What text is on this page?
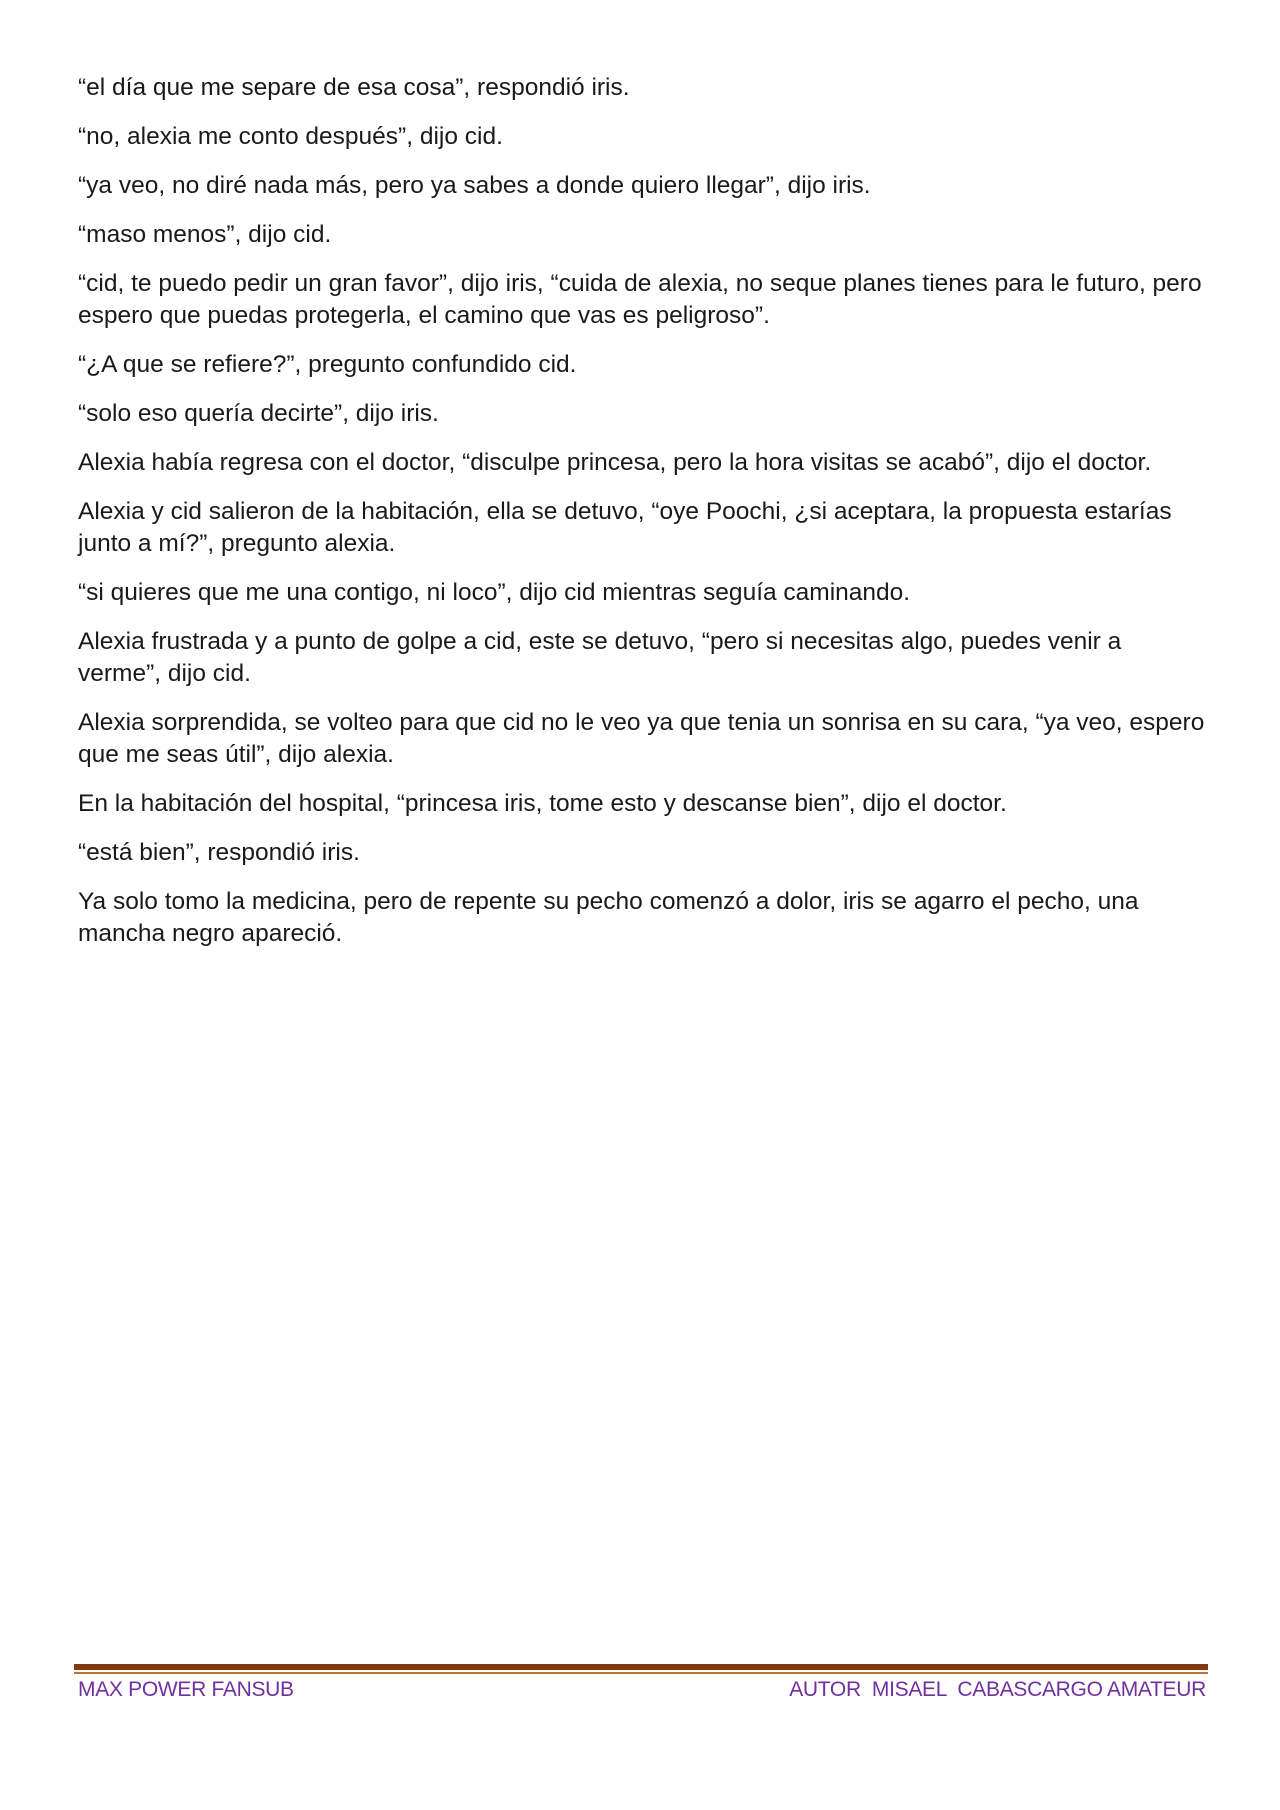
“el día que me separe de esa cosa”, respondió iris.

“no, alexia me conto después”, dijo cid.

“ya veo, no diré nada más, pero ya sabes a donde quiero llegar”, dijo iris.

“maso menos”, dijo cid.

“cid, te puedo pedir un gran favor”, dijo iris, “cuida de alexia, no seque planes tienes para le futuro, pero espero que puedas protegerla, el camino que vas es peligroso”.

“¿A que se refiere?”, pregunto confundido cid.

“solo eso quería decirte”, dijo iris.

Alexia había regresa con el doctor, “disculpe princesa, pero la hora visitas se acabó”, dijo el doctor.

Alexia y cid salieron de la habitación, ella se detuvo, “oye Poochi, ¿si aceptara, la propuesta estarías junto a mí?”, pregunto alexia.

“si quieres que me una contigo, ni loco”, dijo cid mientras seguía caminando.

Alexia frustrada y a punto de golpe a cid, este se detuvo, “pero si necesitas algo, puedes venir a verme”, dijo cid.

Alexia sorprendida, se volteo para que cid no le veo ya que tenia un sonrisa en su cara, “ya veo, espero que me seas útil”, dijo alexia.

En la habitación del hospital, “princesa iris, tome esto y descanse bien”, dijo el doctor.

“está bien”, respondió iris.

Ya solo tomo la medicina, pero de repente su pecho comenzó a dolor, iris se agarro el pecho, una mancha negro apareció.

MAX POWER FANSUB	AUTOR  MISAEL  CABASCARGO AMATEUR
